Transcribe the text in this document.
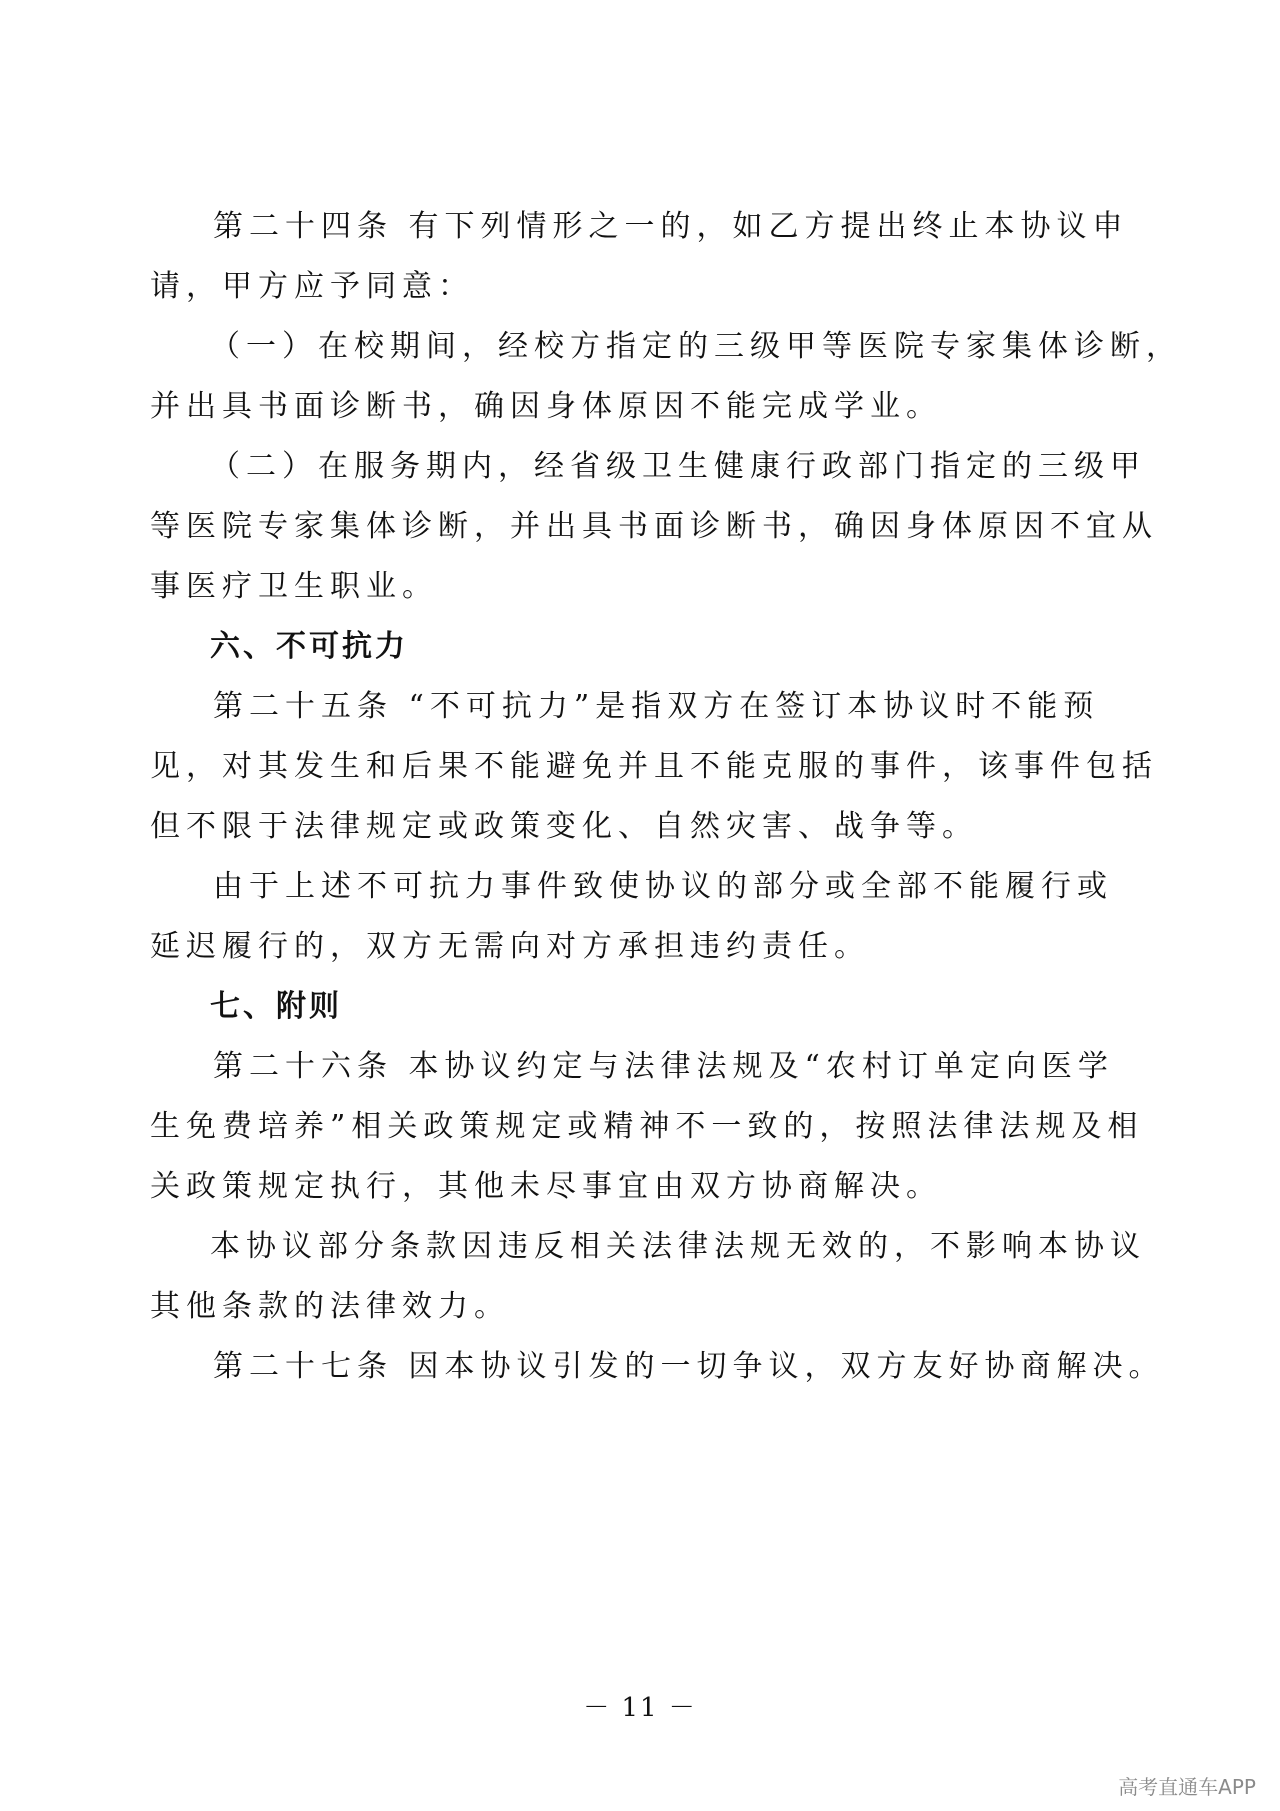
第二十四条 有下列情形之一的，如乙方提出终止本协议申
请，甲方应予同意：
（一）在校期间，经校方指定的三级甲等医院专家集体诊断，
并出具书面诊断书，确因身体原因不能完成学业。
（二）在服务期内，经省级卫生健康行政部门指定的三级甲
等医院专家集体诊断，并出具书面诊断书，确因身体原因不宜从
事医疗卫生职业。
六、不可抗力
第二十五条 “不可抗力”是指双方在签订本协议时不能预
见，对其发生和后果不能避免并且不能克服的事件，该事件包括
但不限于法律规定或政策变化、自然灾害、战争等。
由于上述不可抗力事件致使协议的部分或全部不能履行或
延迟履行的，双方无需向对方承担违约责任。
七、附则
第二十六条 本协议约定与法律法规及“农村订单定向医学
生免费培养”相关政策规定或精神不一致的，按照法律法规及相
关政策规定执行，其他未尽事宜由双方协商解决。
本协议部分条款因违反相关法律法规无效的，不影响本协议
其他条款的法律效力。
第二十七条 因本协议引发的一切争议，双方友好协商解决。
－ 11 －
高考直通车APP
